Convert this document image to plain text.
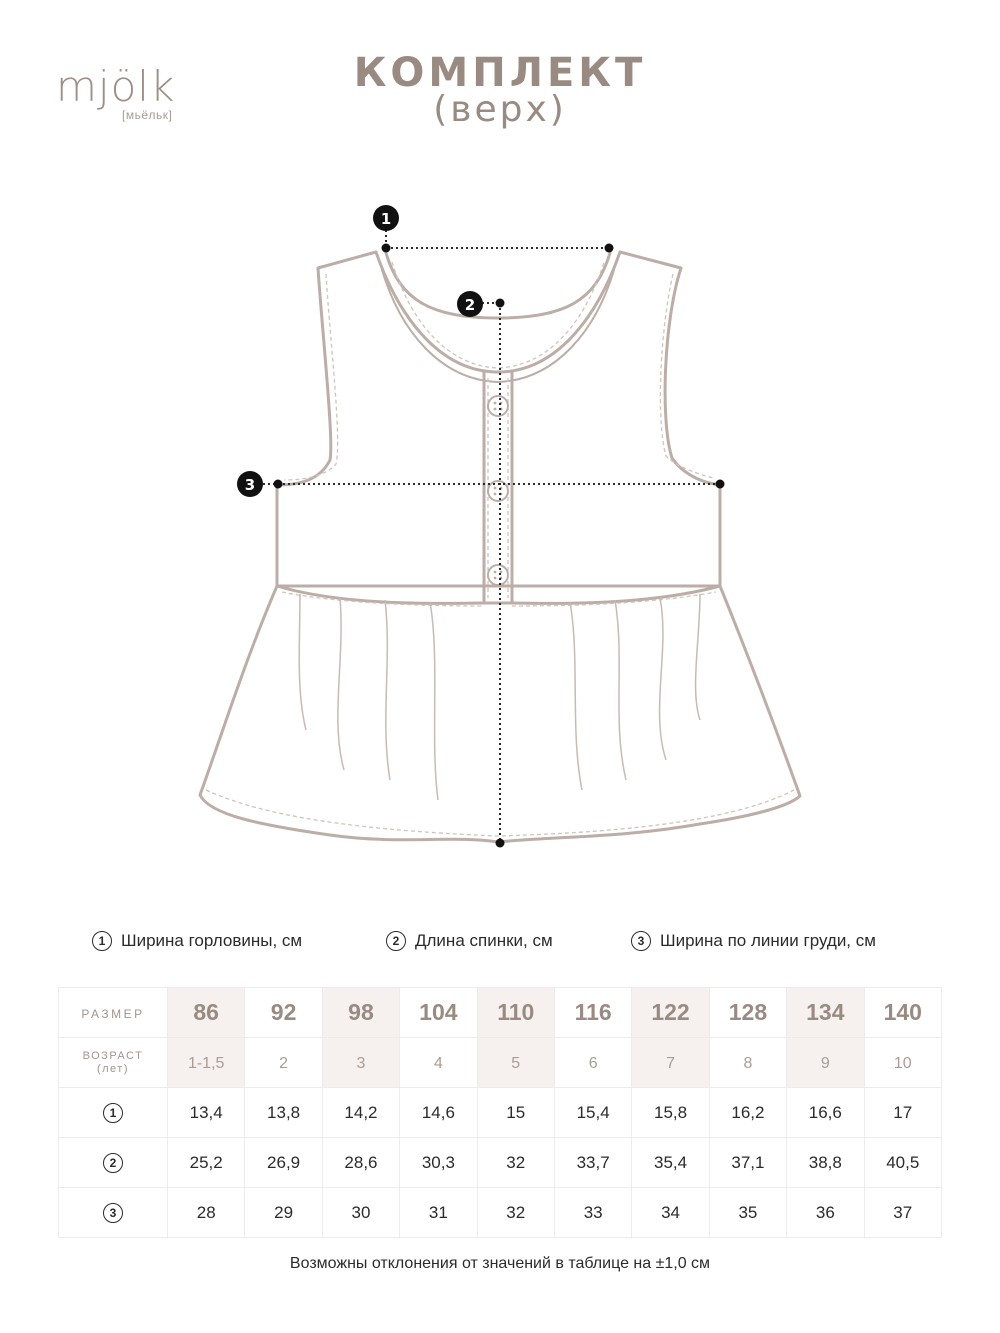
mjölk
[мьёльк]
КОМПЛЕКТ
(верх)
1
2
3
1 Ширина горловины, см	2 Длина спинки, см	3 Ширина по линии груди, см
РАЗМЕР	86	92	98	104	110	116	122	128	134	140

ВОЗРАСТ
(лет)	1-1,5	2	3	4	5	6	7	8	9	10
1	13,4	13,8	14,2	14,6	15	15,4	15,8	16,2	16,6	17
2	25,2	26,9	28,6	30,3	32	33,7	35,4	37,1	38,8	40,5
3	28	29	30	31	32	33	34	35	36	37
Возможны отклонения от значений в таблице на ±1,0 см
